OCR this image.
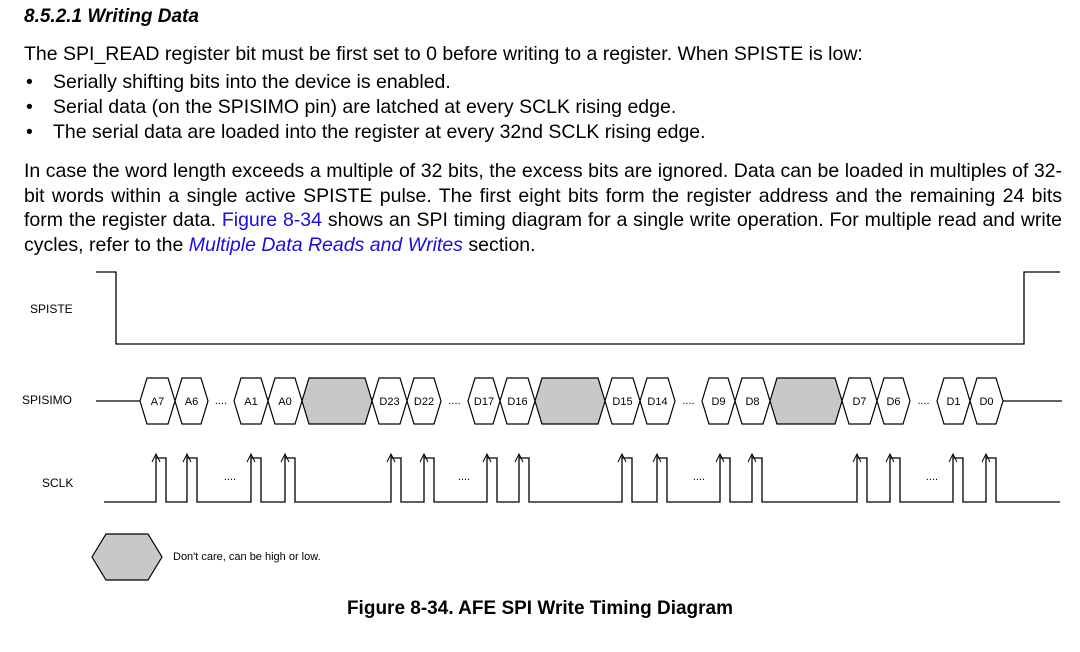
8.5.2.1 Writing Data

The SPI_READ register bit must be first set to 0 before writing to a register. When SPISTE is low:

• Serially shifting bits into the device is enabled.
• Serial data (on the SPISIMO pin) are latched at every SCLK rising edge.
• The serial data are loaded into the register at every 32nd SCLK rising edge.

In case the word length exceeds a multiple of 32 bits, the excess bits are ignored. Data can be loaded in multiples of 32-bit words within a single active SPISTE pulse. The first eight bits form the register address and the remaining 24 bits form the register data. Figure 8-34 shows an SPI timing diagram for a single write operation. For multiple read and write cycles, refer to the Multiple Data Reads and Writes section.

SPISTE
SPISIMO
SCLK
A7 A6 .... A1 A0	D23 D22 .... D17 D16	D15 D14 .... D9 D8	D7 D6 .... D1 D0
....	....	....	....
Don't care, can be high or low.

Figure 8-34. AFE SPI Write Timing Diagram
